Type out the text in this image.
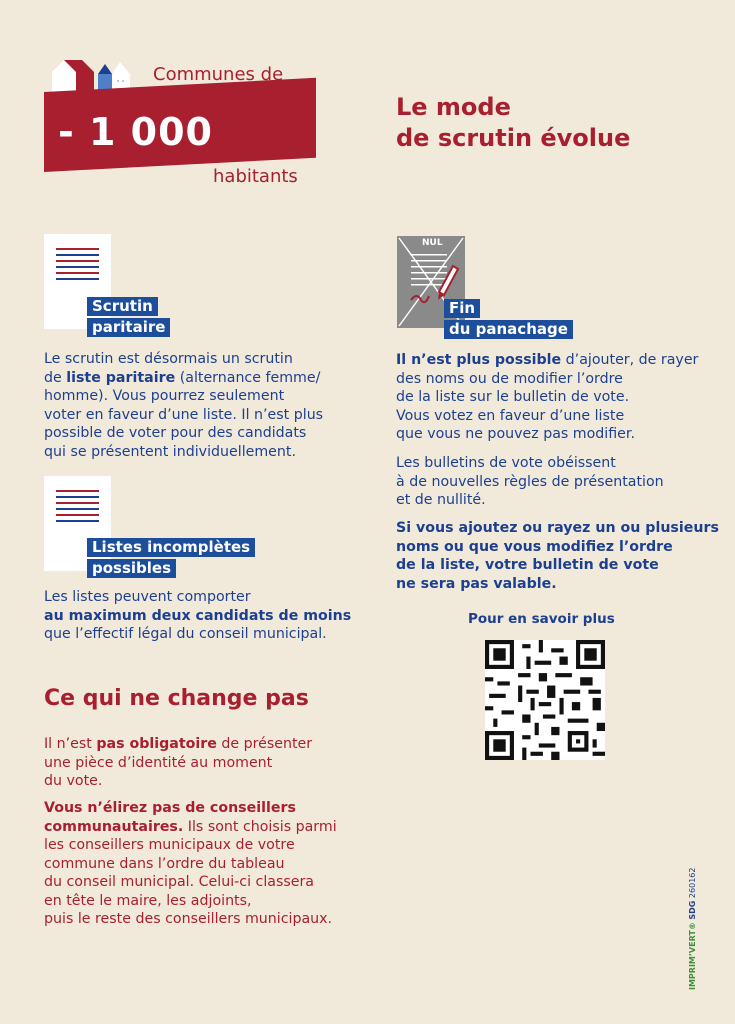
Communes de
- 1 000
habitants
Le mode
de scrutin évolue
Scrutin
paritaire

Le scrutin est désormais un scrutin
de liste paritaire (alternance femme/
homme). Vous pourrez seulement
voter en faveur d’une liste. Il n’est plus
possible de voter pour des candidats
qui se présentent individuellement.

Listes incomplètes
possibles

Les listes peuvent comporter
au maximum deux candidats de moins
que l’effectif légal du conseil municipal.

NUL
Fin
du panachage

Il n’est plus possible d’ajouter, de rayer
des noms ou de modifier l’ordre
de la liste sur le bulletin de vote.
Vous votez en faveur d’une liste
que vous ne pouvez pas modifier.

Les bulletins de vote obéissent
à de nouvelles règles de présentation
et de nullité.

Si vous ajoutez ou rayez un ou plusieurs
noms ou que vous modifiez l’ordre
de la liste, votre bulletin de vote
ne sera pas valable.

Pour en savoir plus
Ce qui ne change pas

Il n’est pas obligatoire de présenter
une pièce d’identité au moment
du vote.

Vous n’élirez pas de conseillers
communautaires. Ils sont choisis parmi
les conseillers municipaux de votre
commune dans l’ordre du tableau
du conseil municipal. Celui-ci classera
en tête le maire, les adjoints,
puis le reste des conseillers municipaux.

IMPRIM’VERT® SDG 260162
